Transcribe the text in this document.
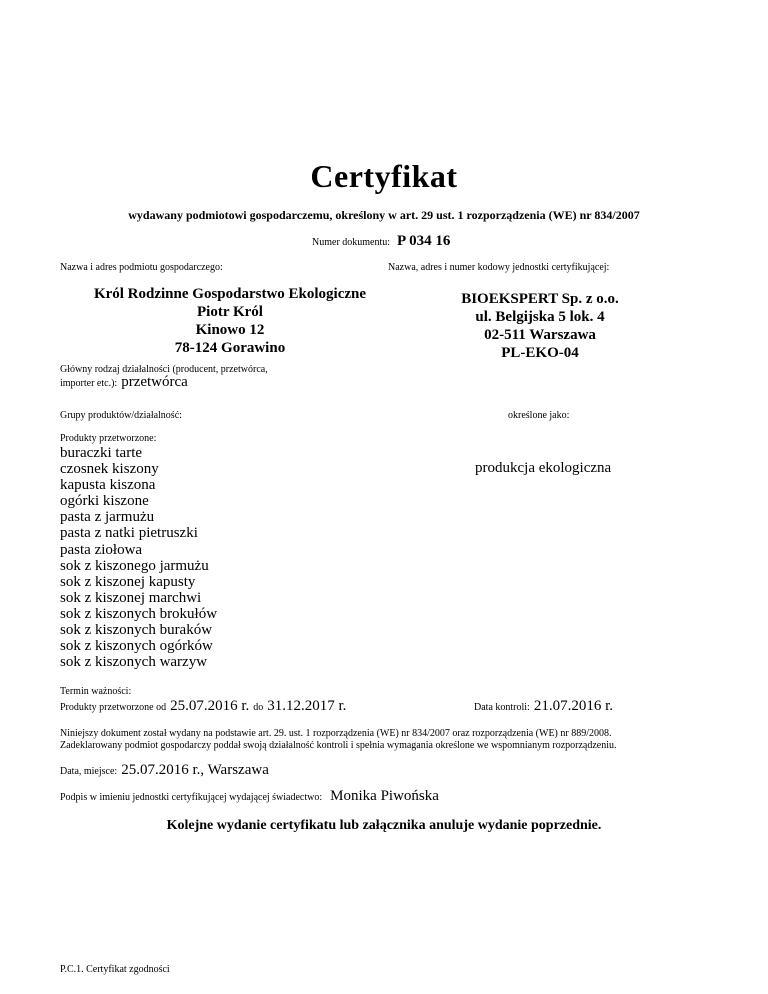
Certyfikat
wydawany podmiotowi gospodarczemu, określony w art. 29 ust. 1 rozporządzenia (WE) nr 834/2007
Numer dokumentu: P 034 16
Nazwa i adres podmiotu gospodarczego:
Król Rodzinne Gospodarstwo Ekologiczne
Piotr Król
Kinowo 12
78-124 Gorawino
Nazwa, adres i numer kodowy jednostki certyfikującej:
BIOEKSPERT Sp. z o.o.
ul. Belgijska 5 lok. 4
02-511 Warszawa
PL-EKO-04
Główny rodzaj działalności (producent, przetwórca,
importer etc.): przetwórca
Grupy produktów/działalność:	określone jako:
Produkty przetworzone:
buraczki tarte
czosnek kiszony
kapusta kiszona
ogórki kiszone
pasta z jarmużu
pasta z natki pietruszki
pasta ziołowa
sok z kiszonego jarmużu
sok z kiszonej kapusty
sok z kiszonej marchwi
sok z kiszonych brokułów
sok z kiszonych buraków
sok z kiszonych ogórków
sok z kiszonych warzyw
produkcja ekologiczna
Termin ważności:
Produkty przetworzone od 25.07.2016 r. do 31.12.2017 r.	Data kontroli: 21.07.2016 r.
Niniejszy dokument został wydany na podstawie art. 29. ust. 1 rozporządzenia (WE) nr 834/2007 oraz rozporządzenia (WE) nr 889/2008.
Zadeklarowany podmiot gospodarczy poddał swoją działalność kontroli i spełnia wymagania określone we wspomnianym rozporządzeniu.
Data, miejsce: 25.07.2016 r., Warszawa
Podpis w imieniu jednostki certyfikującej wydającej świadectwo: Monika Piwońska
Kolejne wydanie certyfikatu lub załącznika anuluje wydanie poprzednie.
P.C.1. Certyfikat zgodności
